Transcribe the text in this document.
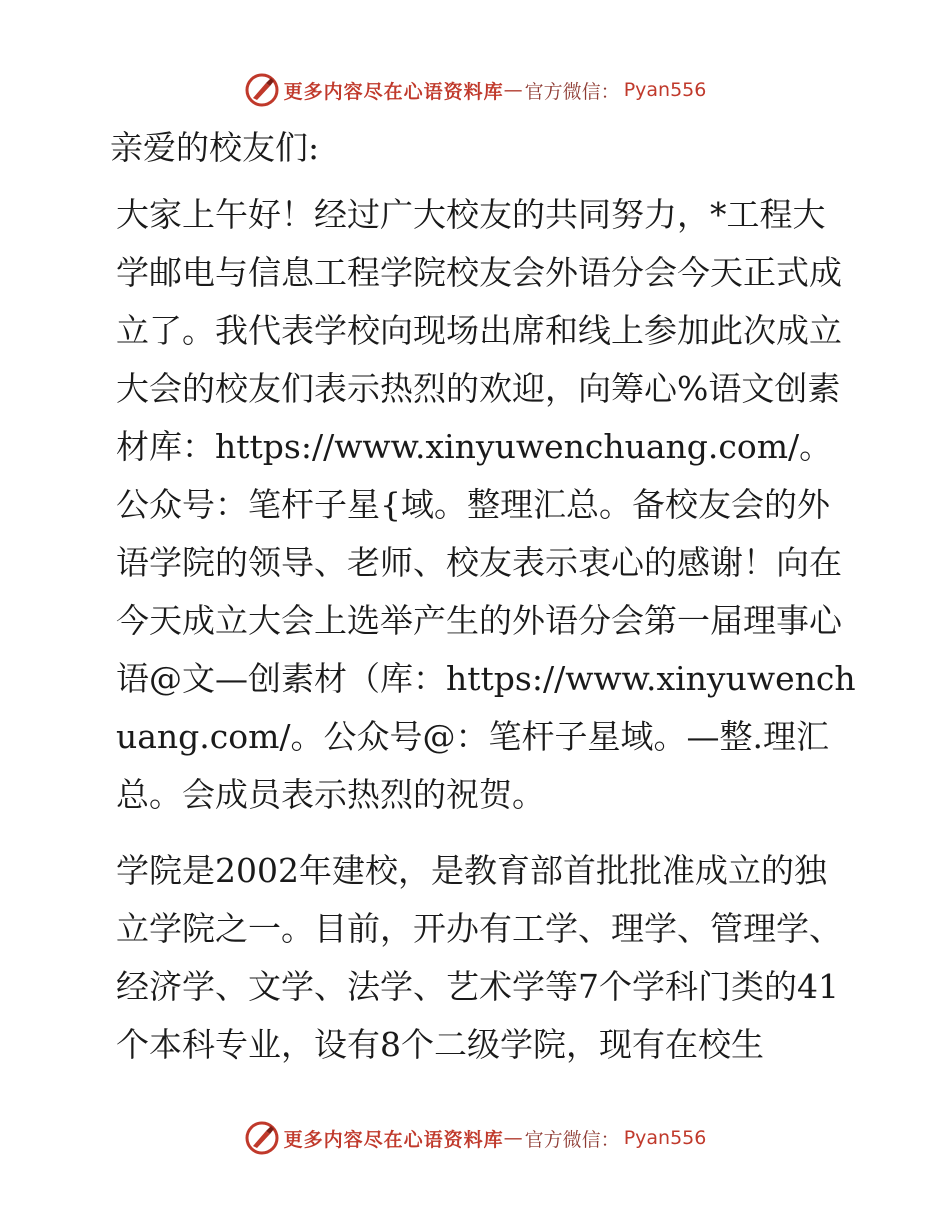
更多内容尽在心语资料库 — 官方微信： Pyan556

亲爱的校友们:

大家上午好！经过广大校友的共同努力，*工程大学邮电与信息工程学院校友会外语分会今天正式成立了。我代表学校向现场出席和线上参加此次成立大会的校友们表示热烈的欢迎，向筹心%语文创素材库：https://www.xinyuwenchuang.com/。公众号：笔杆子星{域。整理汇总。备校友会的外语学院的领导、老师、校友表示衷心的感谢！向在今天成立大会上选举产生的外语分会第一届理事心语@文—创素材（库：https://www.xinyuwenchuang.com/。公众号@：笔杆子星域。—整.理汇总。会成员表示热烈的祝贺。

学院是2002年建校，是教育部首批批准成立的独立学院之一。目前，开办有工学、理学、管理学、经济学、文学、法学、艺术学等7个学科门类的41个本科专业，设有8个二级学院，现有在校生

更多内容尽在心语资料库 — 官方微信： Pyan556
